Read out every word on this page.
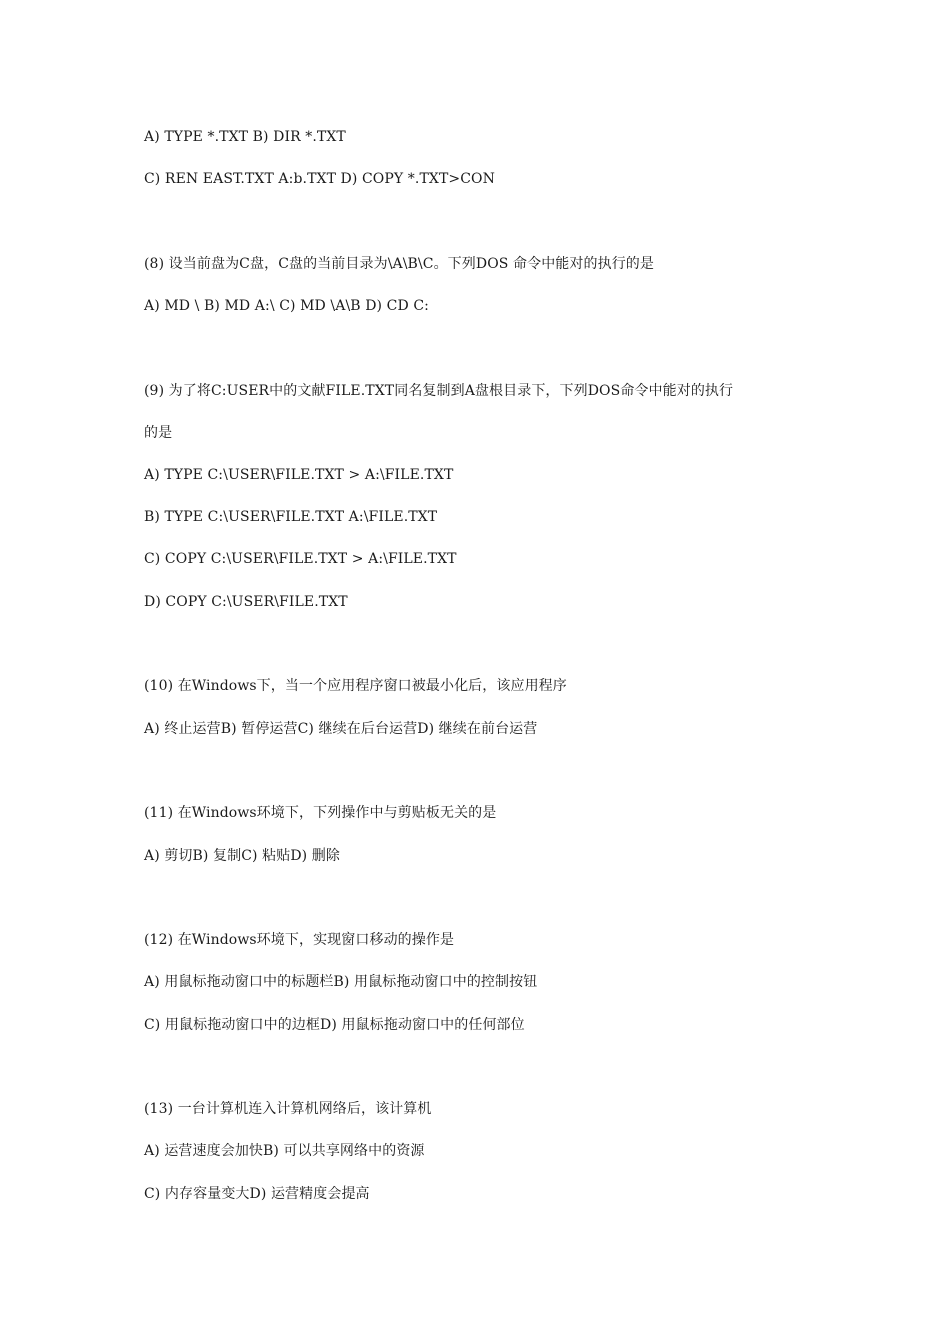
A) TYPE *.TXT B) DIR *.TXT
C) REN EAST.TXT A:b.TXT D) COPY *.TXT>CON
(8) 设当前盘为C盘，C盘的当前目录为\A\B\C。下列DOS 命令中能对的执行的是
A) MD \ B) MD A:\ C) MD \A\B D) CD C:
(9) 为了将C:USER中的文献FILE.TXT同名复制到A盘根目录下，下列DOS命令中能对的执行
的是
A) TYPE C:\USER\FILE.TXT > A:\FILE.TXT
B) TYPE C:\USER\FILE.TXT A:\FILE.TXT
C) COPY C:\USER\FILE.TXT > A:\FILE.TXT
D) COPY C:\USER\FILE.TXT
(10) 在Windows下，当一个应用程序窗口被最小化后，该应用程序
A) 终止运营B) 暂停运营C) 继续在后台运营D) 继续在前台运营
(11) 在Windows环境下，下列操作中与剪贴板无关的是
A) 剪切B) 复制C) 粘贴D) 删除
(12) 在Windows环境下，实现窗口移动的操作是
A) 用鼠标拖动窗口中的标题栏B) 用鼠标拖动窗口中的控制按钮
C) 用鼠标拖动窗口中的边框D) 用鼠标拖动窗口中的任何部位
(13) 一台计算机连入计算机网络后，该计算机
A) 运营速度会加快B) 可以共享网络中的资源
C) 内存容量变大D) 运营精度会提高
